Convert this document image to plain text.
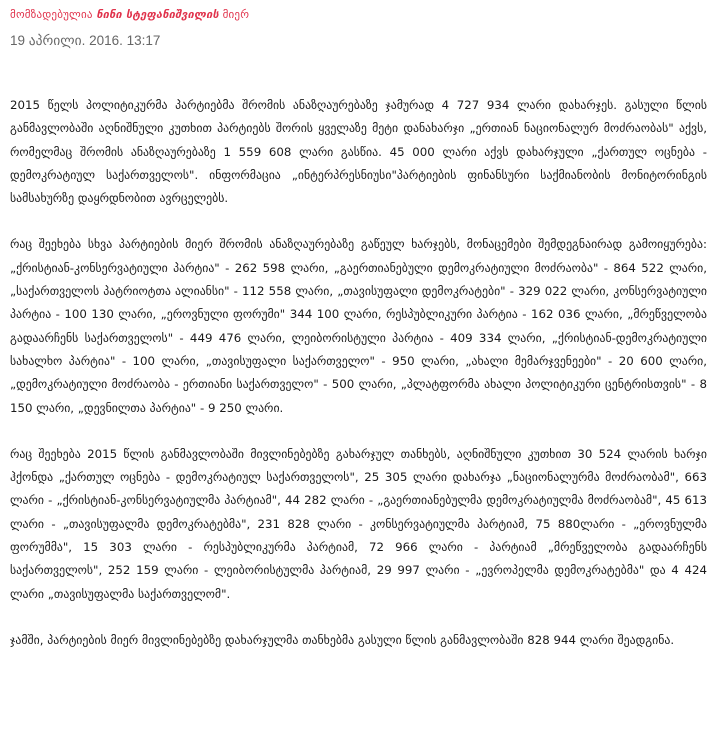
მომზადებულია ნინი სტეფანიშვილის მიერ
19 აპრილი. 2016. 13:17

2015 წელს პოლიტიკურმა პარტიებმა შრომის ანაზღაურებაზე ჯამურად 4 727 934 ლარი დახარჯეს. გასული წლის განმავლობაში აღნიშნული კუთხით პარტიებს შორის ყველაზე მეტი დანახარჯი „ერთიან ნაციონალურ მოძრაობას" აქვს, რომელმაც შრომის ანაზღაურებაზე 1 559 608 ლარი გასწია. 45 000 ლარი აქვს დახარჯული „ქართულ ოცნება - დემოკრატიულ საქართველოს". ინფორმაცია „ინტერპრესნიუსი"პარტიების ფინანსური საქმიანობის მონიტორინგის სამსახურზე დაყრდნობით ავრცელებს.

რაც შეეხება სხვა პარტიების მიერ შრომის ანაზღაურებაზე გაწეულ ხარჯებს, მონაცემები შემდეგნაირად გამოიყურება: „ქრისტიან-კონსერვატიული პარტია" - 262 598 ლარი, „გაერთიანებული დემოკრატიული მოძრაობა" - 864 522 ლარი, „საქართველოს პატრიოტთა ალიანსი" - 112 558 ლარი, „თავისუფალი დემოკრატები" - 329 022 ლარი, კონსერვატიული პარტია - 100 130 ლარი, „ეროვნული ფორუმი" 344 100 ლარი, რესპუბლიკური პარტია - 162 036 ლარი, „მრეწველობა გადაარჩენს საქართველოს" - 449 476 ლარი, ლეიბორისტული პარტია - 409 334 ლარი, „ქრისტიან-დემოკრატიული სახალხო პარტია" - 100 ლარი, „თავისუფალი საქართველო" - 950 ლარი, „ახალი მემარჯვენეები" - 20 600 ლარი, „დემოკრატიული მოძრაობა - ერთიანი საქართველო" - 500 ლარი, „პლატფორმა ახალი პოლიტიკური ცენტრისთვის" - 8 150 ლარი, „დევნილთა პარტია" - 9 250 ლარი.

რაც შეეხება 2015 წლის განმავლობაში მივლინებებზე გახარჯულ თანხებს, აღნიშნული კუთხით 30 524 ლარის ხარჯი ჰქონდა „ქართულ ოცნება - დემოკრატიულ საქართველოს", 25 305 ლარი დახარჯა „ნაციონალურმა მოძრაობამ", 663 ლარი - „ქრისტიან-კონსერვატიულმა პარტიამ", 44 282 ლარი - „გაერთიანებულმა დემოკრატიულმა მოძრაობამ", 45 613 ლარი - „თავისუფალმა დემოკრატებმა", 231 828 ლარი - კონსერვატიულმა პარტიამ, 75 880ლარი - „ეროვნულმა ფორუმმა", 15 303 ლარი - რესპუბლიკურმა პარტიამ, 72 966 ლარი - პარტიამ „მრეწველობა გადაარჩენს საქართველოს", 252 159 ლარი - ლეიბორისტულმა პარტიამ, 29 997 ლარი - „ევროპელმა დემოკრატებმა" და 4 424 ლარი „თავისუფალმა საქართველომ".

ჯამში, პარტიების მიერ მივლინებებზე დახარჯულმა თანხებმა გასული წლის განმავლობაში 828 944 ლარი შეადგინა.
